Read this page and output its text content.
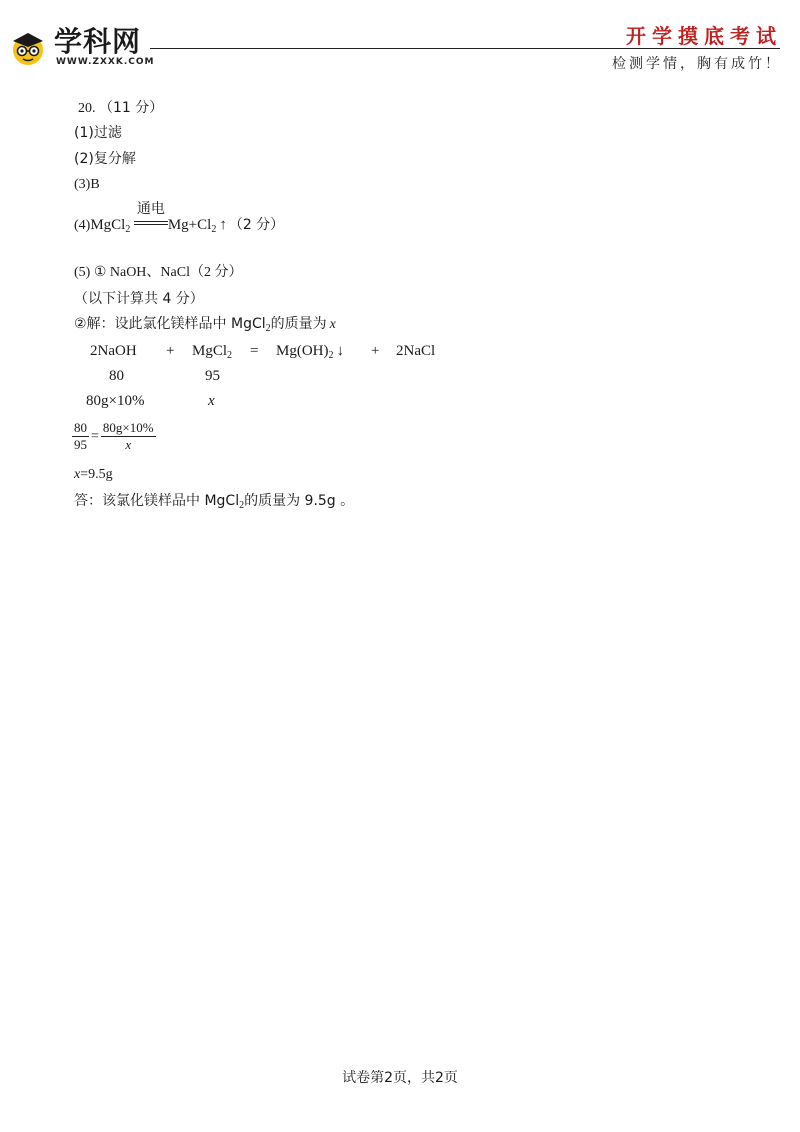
学科网
WWW.ZXXK.COM
开学摸底考试
检测学情，胸有成竹！
20. （11 分）
(1)过滤
(2)复分解
(3)B
(4)MgCl$_2$
通电
$Mg+Cl_2$ ↑ （2 分）
(5) ① NaOH、NaCl（2 分）
（以下计算共 4 分）
②解：设此氯化镁样品中 MgCl$_2$的质量为 x
2NaOH + MgCl$_2$ = $Mg(OH)_2$ ↓ + 2NaCl
80	95
80g×10%	x
$\frac{80}{95} = \frac{80g\times 10\%}{x}$
x=9.5g
答：该氯化镁样品中 MgCl$_2$的质量为 9.5g 。
试卷第2页，共2页
